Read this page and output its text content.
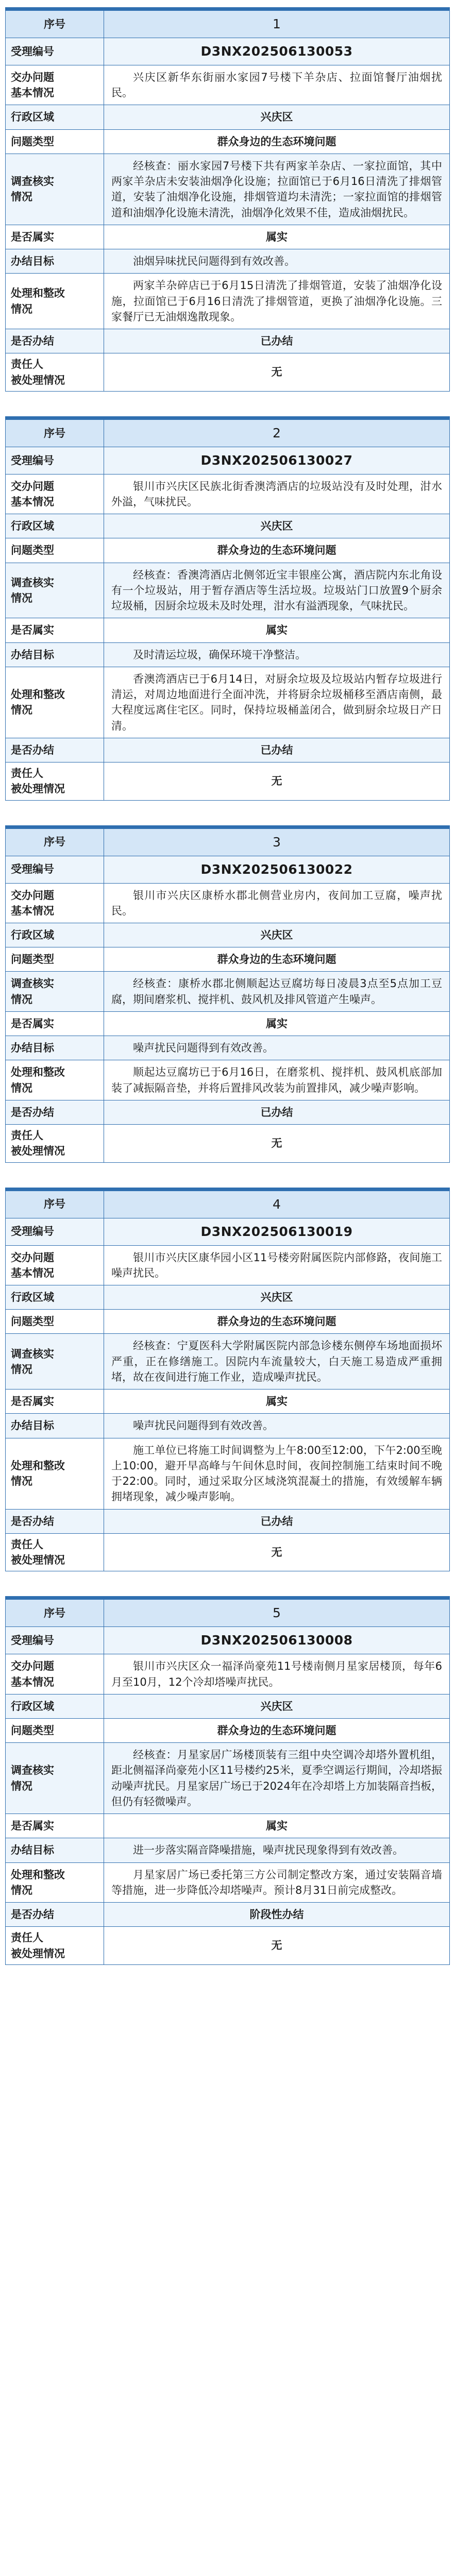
序号	1
受理编号	D3NX202506130053

交办问题
基本情况	兴庆区新华东街丽水家园7号楼下羊杂店、拉面馆餐厅油烟扰民。
行政区域	兴庆区
问题类型	群众身边的生态环境问题

调查核实
情况	经核查：丽水家园7号楼下共有两家羊杂店、一家拉面馆，其中两家羊杂店未安装油烟净化设施；拉面馆已于6月16日清洗了排烟管道，安装了油烟净化设施，排烟管道均未清洗；一家拉面馆的排烟管道和油烟净化设施未清洗，油烟净化效果不佳，造成油烟扰民。
是否属实	属实
办结目标	油烟异味扰民问题得到有效改善。

处理和整改
情况	两家羊杂碎店已于6月15日清洗了排烟管道，安装了油烟净化设施，拉面馆已于6月16日清洗了排烟管道，更换了油烟净化设施。三家餐厅已无油烟逸散现象。
是否办结	已办结

责任人
被处理情况	无
序号	2
受理编号	D3NX202506130027

交办问题
基本情况	银川市兴庆区民族北街香澳湾酒店的垃圾站没有及时处理，泔水外溢，气味扰民。
行政区域	兴庆区
问题类型	群众身边的生态环境问题

调查核实
情况	经核查：香澳湾酒店北侧邻近宝丰银座公寓，酒店院内东北角设有一个垃圾站，用于暂存酒店等生活垃圾。垃圾站门口放置9个厨余垃圾桶，因厨余垃圾未及时处理，泔水有溢洒现象，气味扰民。
是否属实	属实
办结目标	及时清运垃圾，确保环境干净整洁。

处理和整改
情况	香澳湾酒店已于6月14日，对厨余垃圾及垃圾站内暂存垃圾进行清运，对周边地面进行全面冲洗，并将厨余垃圾桶移至酒店南侧，最大程度远离住宅区。同时，保持垃圾桶盖闭合，做到厨余垃圾日产日清。
是否办结	已办结

责任人
被处理情况	无
序号	3
受理编号	D3NX202506130022

交办问题
基本情况	银川市兴庆区康桥水郡北侧营业房内，夜间加工豆腐，噪声扰民。
行政区域	兴庆区
问题类型	群众身边的生态环境问题

调查核实
情况	经核查：康桥水郡北侧顺起达豆腐坊每日凌晨3点至5点加工豆腐，期间磨浆机、搅拌机、鼓风机及排风管道产生噪声。
是否属实	属实
办结目标	噪声扰民问题得到有效改善。

处理和整改
情况	顺起达豆腐坊已于6月16日，在磨浆机、搅拌机、鼓风机底部加装了减振隔音垫，并将后置排风改装为前置排风，减少噪声影响。
是否办结	已办结

责任人
被处理情况	无
序号	4
受理编号	D3NX202506130019

交办问题
基本情况	银川市兴庆区康华园小区11号楼旁附属医院内部修路，夜间施工噪声扰民。
行政区域	兴庆区
问题类型	群众身边的生态环境问题

调查核实
情况	经核查：宁夏医科大学附属医院内部急诊楼东侧停车场地面损坏严重，正在修缮施工。因院内车流量较大，白天施工易造成严重拥堵，故在夜间进行施工作业，造成噪声扰民。
是否属实	属实
办结目标	噪声扰民问题得到有效改善。

处理和整改
情况	施工单位已将施工时间调整为上午8:00至12:00，下午2:00至晚上10:00，避开早高峰与午间休息时间，夜间控制施工结束时间不晚于22:00。同时，通过采取分区域浇筑混凝土的措施，有效缓解车辆拥堵现象，减少噪声影响。
是否办结	已办结

责任人
被处理情况	无
序号	5
受理编号	D3NX202506130008

交办问题
基本情况	银川市兴庆区众一福泽尚豪苑11号楼南侧月星家居楼顶，每年6月至10月，12个冷却塔噪声扰民。
行政区域	兴庆区
问题类型	群众身边的生态环境问题

调查核实
情况	经核查：月星家居广场楼顶装有三组中央空调冷却塔外置机组，距北侧福泽尚豪苑小区11号楼约25米，夏季空调运行期间，冷却塔振动噪声扰民。月星家居广场已于2024年在冷却塔上方加装隔音挡板，但仍有轻微噪声。
是否属实	属实
办结目标	进一步落实隔音降噪措施，噪声扰民现象得到有效改善。

处理和整改
情况	月星家居广场已委托第三方公司制定整改方案，通过安装隔音墙等措施，进一步降低冷却塔噪声。预计8月31日前完成整改。
是否办结	阶段性办结

责任人
被处理情况	无
